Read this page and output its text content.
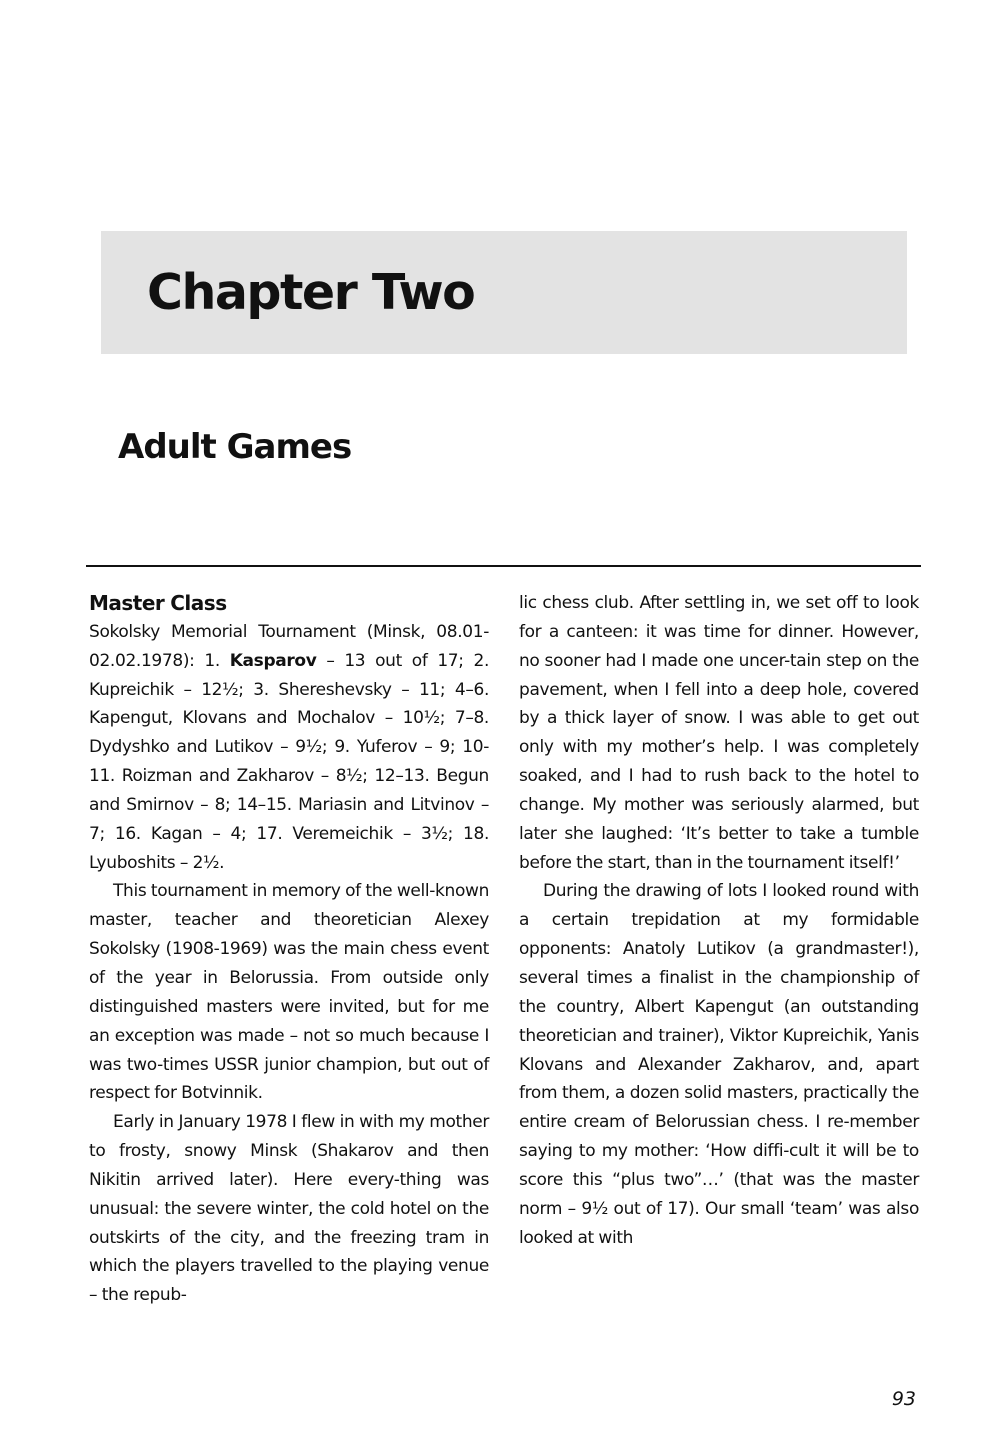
Chapter Two
Adult Games
Master Class

Sokolsky Memorial Tournament (Minsk, 08.01-02.02.1978): 1. Kasparov – 13 out of 17; 2. Kupreichik – 12½; 3. Shereshevsky – 11; 4–6. Kapengut, Klovans and Mochalov – 10½; 7–8. Dydyshko and Lutikov – 9½; 9. Yuferov – 9; 10-11. Roizman and Zakharov – 8½; 12–13. Begun and Smirnov – 8; 14–15. Mariasin and Litvinov – 7; 16. Kagan – 4; 17. Veremeichik – 3½; 18. Lyuboshits – 2½.

This tournament in memory of the well-known master, teacher and theoretician Alexey Sokolsky (1908-1969) was the main chess event of the year in Belorussia. From outside only distinguished masters were invited, but for me an exception was made – not so much because I was two-times USSR junior champion, but out of respect for Botvinnik.

Early in January 1978 I flew in with my mother to frosty, snowy Minsk (Shakarov and then Nikitin arrived later). Here every-thing was unusual: the severe winter, the cold hotel on the outskirts of the city, and the freezing tram in which the players travelled to the playing venue – the repub-

lic chess club. After settling in, we set off to look for a canteen: it was time for dinner. However, no sooner had I made one uncer-tain step on the pavement, when I fell into a deep hole, covered by a thick layer of snow. I was able to get out only with my mother’s help. I was completely soaked, and I had to rush back to the hotel to change. My mother was seriously alarmed, but later she laughed: ‘It’s better to take a tumble before the start, than in the tournament itself!’

During the drawing of lots I looked round with a certain trepidation at my formidable opponents: Anatoly Lutikov (a grandmaster!), several times a finalist in the championship of the country, Albert Kapengut (an outstanding theoretician and trainer), Viktor Kupreichik, Yanis Klovans and Alexander Zakharov, and, apart from them, a dozen solid masters, practically the entire cream of Belorussian chess. I re-member saying to my mother: ‘How diffi-cult it will be to score this “plus two”…’ (that was the master norm – 9½ out of 17). Our small ‘team’ was also looked at with

93
